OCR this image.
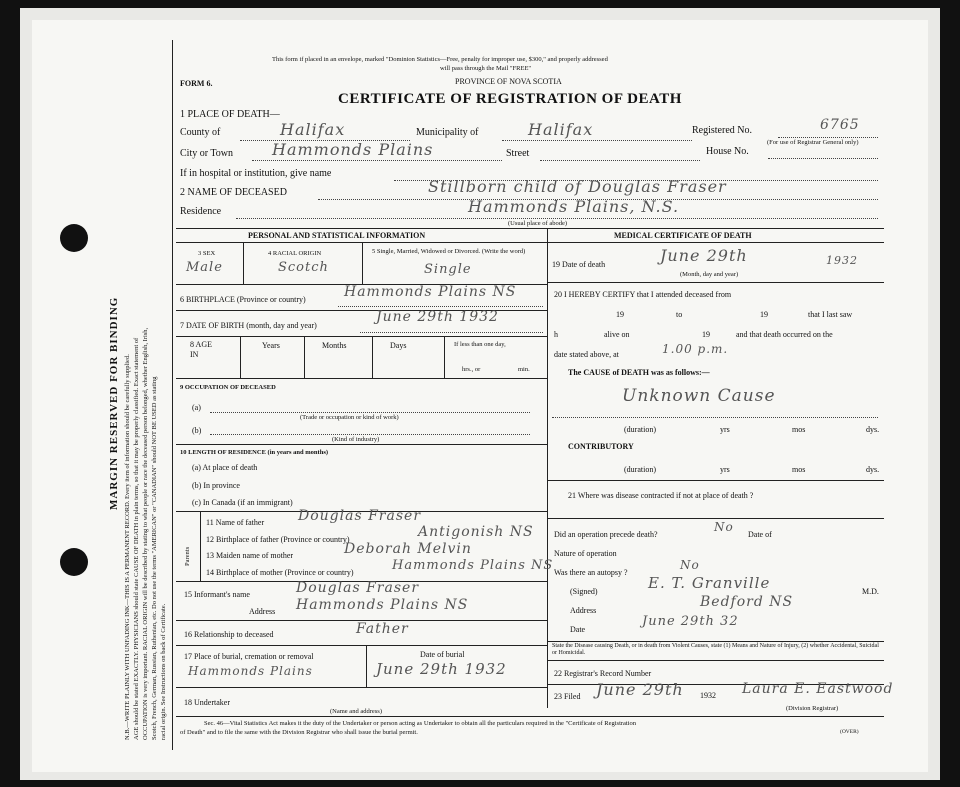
MARGIN RESERVED FOR BINDING N.B.—WRITE PLAINLY WITH UNFADING INK—THIS IS A PERMANENT RECORD. Every item of information should be carefully supplied. AGE should be stated EXACTLY. PHYSICIANS should state CAUSE OF DEATH in plain terms, so that it may be properly classified. Exact statement of OCCUPATION is very important. RACIAL ORIGIN will be described by stating to what people or race the deceased person belonged, whether English, Irish, Scotch, French, German, Russian, Ruthenian, etc. Do not use the terms "AMERICAN" or "CANADIAN" should NOT BE USED as stating racial origin. See Instructions on back of Certificate.
This form if placed in an envelope, marked "Dominion Statistics—Free, penalty for improper use, $300," and properly addressed
will pass through the Mail "FREE"
FORM 6.	PROVINCE OF NOVA SCOTIA
CERTIFICATE OF REGISTRATION OF DEATH
1 PLACE OF DEATH—
County of	Halifax	Municipality of	Halifax	Registered No.	6765
(For use of Registrar General only)
City or Town Hammonds Plains	Street	House No.
If in hospital or institution, give name
2 NAME OF DECEASED	Stillborn child of Douglas Fraser
Residence	Hammonds Plains, N.S.
(Usual place of abode)
PERSONAL AND STATISTICAL INFORMATION	MEDICAL CERTIFICATE OF DEATH
3 SEX
Male
4 RACIAL ORIGIN
Scotch
5 Single, Married, Widowed or Divorced. (Write the word)
Single
6 BIRTHPLACE (Province or country)	Hammonds Plains NS
7 DATE OF BIRTH (month, day and year)
June 29th 1932
8 AGE IN
Years	Months	Days	If less than one day,
hrs., or	min.
9 OCCUPATION OF DECEASED
(a)
(Trade or occupation or kind of work)
(b)
(Kind of industry)
10 LENGTH OF RESIDENCE (in years and months)
(a) At place of death
(b) In province
(c) In Canada (if an immigrant)
Parents
11 Name of father Douglas Fraser
12 Birthplace of father (Province or country)	Antigonish NS
13 Maiden name of mother	Deborah Melvin
14 Birthplace of mother (Province or country)	Hammonds Plains NS
15 Informant's name	Douglas Fraser
Address Hammonds Plains NS
16 Relationship to deceased	Father
17 Place of burial, cremation or removal
Hammonds Plains
Date of burial
June 29th 1932
18 Undertaker
(Name and address)
19 Date of death	June 29th	1932
(Month, day and year)
20 I HEREBY CERTIFY that I attended deceased from
19	to	19	that I last saw
h	alive on	19	and that death occurred on the
date stated above, at	1.00 p.m.
The CAUSE of DEATH was as follows:—
Unknown Cause
(duration)	yrs	mos	dys.
CONTRIBUTORY
(duration)	yrs	mos	dys.
21 Where was disease contracted if not at place of death ?
Did an operation precede death?
No
Date of
Nature of operation
Was there an autopsy ?
No
(Signed)	E. T. Granville	M.D.
Address
Bedford NS
Date
June 29th 32
State the Disease causing Death, or in death from Violent Causes, state (1) Means and Nature of Injury, (2) whether Accidental, Suicidal or Homicidal.
22 Registrar's Record Number
23 Filed June 29th 1932 Laura E. Eastwood
(Division Registrar)
Sec. 46—Vital Statistics Act makes it the duty of the Undertaker or person acting as Undertaker to obtain all the particulars required in the "Certificate of Registration
of Death" and to file the same with the Division Registrar who shall issue the burial permit.	(OVER)
